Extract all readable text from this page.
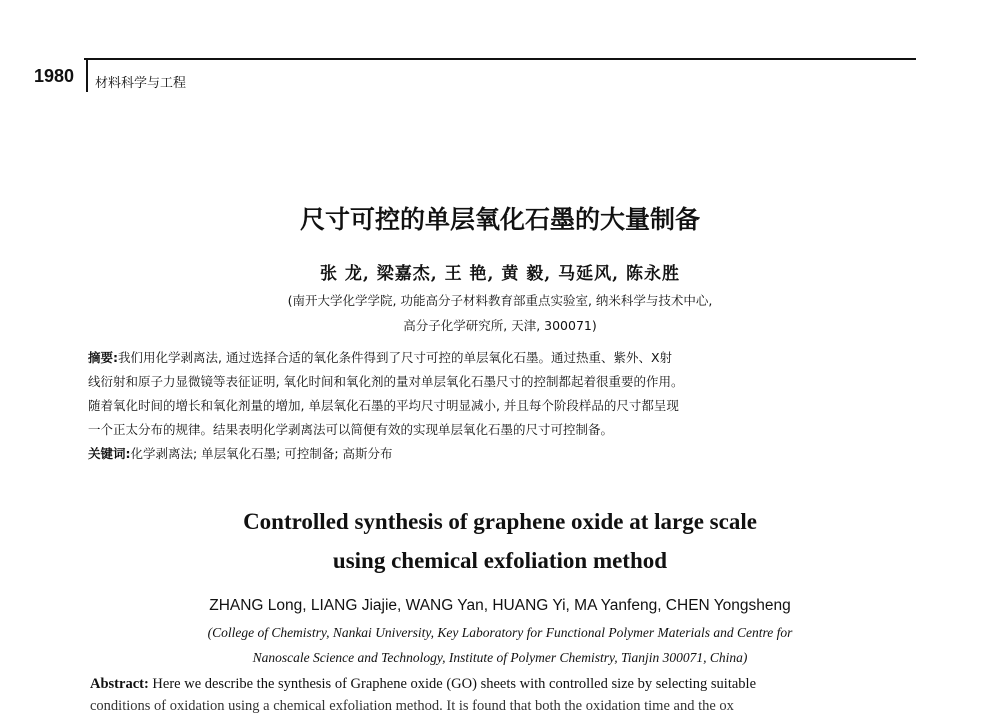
1980 材料科学与工程
尺寸可控的单层氧化石墨的大量制备
张 龙, 梁嘉杰, 王 艳, 黄 毅, 马延风, 陈永胜
(南开大学化学学院, 功能高分子材料教育部重点实验室, 纳米科学与技术中心,
高分子化学研究所, 天津, 300071)
摘要:我们用化学剥离法, 通过选择合适的氧化条件得到了尺寸可控的单层氧化石墨。通过热重、紫外、X射
线衍射和原子力显微镜等表征证明, 氧化时间和氧化剂的量对单层氧化石墨尺寸的控制都起着很重要的作用。
随着氧化时间的增长和氧化剂量的增加, 单层氧化石墨的平均尺寸明显减小, 并且每个阶段样品的尺寸都呈现
一个正太分布的规律。结果表明化学剥离法可以简便有效的实现单层氧化石墨的尺寸可控制备。
关键词:化学剥离法; 单层氧化石墨; 可控制备; 高斯分布
Controlled synthesis of graphene oxide at large scale
using chemical exfoliation method
ZHANG Long, LIANG Jiajie, WANG Yan, HUANG Yi, MA Yanfeng, CHEN Yongsheng
(College of Chemistry, Nankai University, Key Laboratory for Functional Polymer Materials and Centre for
Nanoscale Science and Technology, Institute of Polymer Chemistry, Tianjin 300071, China)
Abstract: Here we describe the synthesis of Graphene oxide (GO) sheets with controlled size by selecting suitable
conditions of oxidation using a chemical exfoliation method. It is found that both the oxidation time and the ox
